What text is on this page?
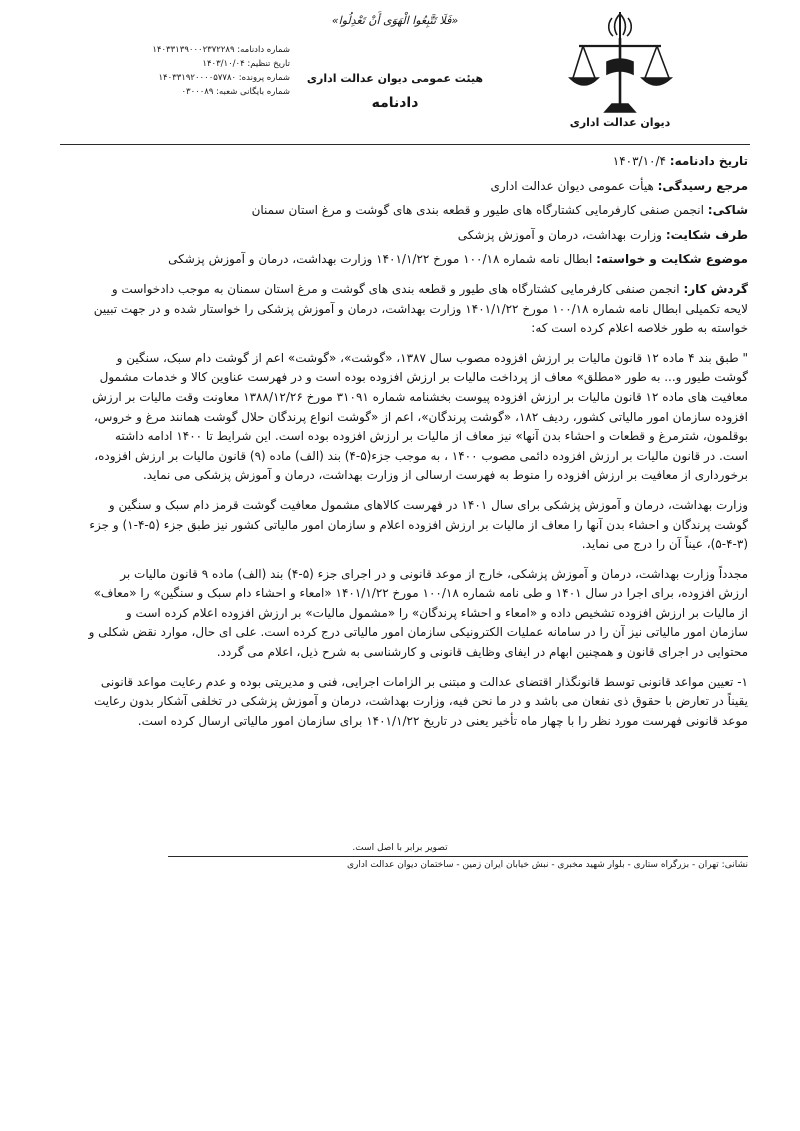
دیوان عدالت اداری
«فَلَا تَتَّبِعُوا الْهَوَى أَنْ تَعْدِلُوا»
هیئت عمومی دیوان عدالت اداری
دادنامه
شماره دادنامه: ۱۴۰۳۳۱۳۹۰۰۰۲۳۷۲۲۸۹
تاریخ تنظیم: ۱۴۰۳/۱۰/۰۴
شماره پرونده: ۱۴۰۳۳۱۹۲۰۰۰۰۵۷۷۸۰
شماره بایگانی شعبه: ۰۳۰۰۰۸۹

تاریخ دادنامه: ۱۴۰۳/۱۰/۴

مرجع رسیدگی: هیأت عمومی دیوان عدالت اداری

شاکی: انجمن صنفی کارفرمایی کشتارگاه های طیور و قطعه بندی های گوشت و مرغ استان سمنان

طرف شکایت: وزارت بهداشت، درمان و آموزش پزشکی

موضوع شکایت و خواسته: ابطال نامه شماره ۱۰۰/۱۸ مورخ ۱۴۰۱/۱/۲۲ وزارت بهداشت، درمان و آموزش پزشکی

گردش کار: انجمن صنفی کارفرمایی کشتارگاه های طیور و قطعه بندی های گوشت و مرغ استان سمنان به موجب دادخواست و لایحه تکمیلی ابطال نامه شماره ۱۰۰/۱۸ مورخ ۱۴۰۱/۱/۲۲ وزارت بهداشت، درمان و آموزش پزشکی را خواستار شده و در جهت تبیین خواسته به طور خلاصه اعلام کرده است که:

" طبق بند ۴ ماده ۱۲ قانون مالیات بر ارزش افزوده مصوب سال ۱۳۸۷، «گوشت»، «گوشت» اعم از گوشت دام سبک، سنگین و گوشت طیور و... به طور «مطلق» معاف از پرداخت مالیات بر ارزش افزوده بوده است و در فهرست عناوین کالا و خدمات مشمول معافیت های ماده ۱۲ قانون مالیات بر ارزش افزوده پیوست بخشنامه شماره ۳۱۰۹۱ مورخ ۱۳۸۸/۱۲/۲۶ معاونت وقت مالیات بر ارزش افزوده سازمان امور مالیاتی کشور، ردیف ۱۸۲، «گوشت پرندگان»، اعم از «گوشت انواع پرندگان حلال گوشت همانند مرغ و خروس، بوقلمون، شترمرغ و قطعات و احشاء بدن آنها» نیز معاف از مالیات بر ارزش افزوده بوده است. این شرایط تا ۱۴۰۰ ادامه داشته است. در قانون مالیات بر ارزش افزوده دائمی مصوب ۱۴۰۰ ، به موجب جزء(۵-۴) بند (الف) ماده (۹) قانون مالیات بر ارزش افزوده، برخورداری از معافیت بر ارزش افزوده را منوط به فهرست ارسالی از وزارت بهداشت، درمان و آموزش پزشکی می نماید.

وزارت بهداشت، درمان و آموزش پزشکی برای سال ۱۴۰۱ در فهرست کالاهای مشمول معافیت گوشت قرمز دام سبک و سنگین و گوشت پرندگان و احشاء بدن آنها را معاف از مالیات بر ارزش افزوده اعلام و سازمان امور مالیاتی کشور نیز طبق جزء (۵-۴-۱) و جزء (۳-۴-۵)، عیناً آن را درج می نماید.

مجدداً وزارت بهداشت، درمان و آموزش پزشکی، خارج از موعد قانونی و در اجرای جزء (۵-۴) بند (الف) ماده ۹ قانون مالیات بر ارزش افزوده، برای اجرا در سال ۱۴۰۱ و طی نامه شماره ۱۰۰/۱۸ مورخ ۱۴۰۱/۱/۲۲ «امعاء و احشاء دام سبک و سنگین» را «معاف» از مالیات بر ارزش افزوده تشخیص داده و «امعاء و احشاء پرندگان» را «مشمول مالیات» بر ارزش افزوده اعلام کرده است و سازمان امور مالیاتی نیز آن را در سامانه عملیات الکترونیکی سازمان امور مالیاتی درج کرده است. علی ای حال، موارد نقض شکلی و محتوایی در اجرای قانون و همچنین ابهام در ایفای وظایف قانونی و کارشناسی به شرح ذیل، اعلام می گردد.

۱- تعیین مواعد قانونی توسط قانونگذار اقتضای عدالت و مبتنی بر الزامات اجرایی، فنی و مدیریتی بوده و عدم رعایت مواعد قانونی یقیناً در تعارض با حقوق ذی نفعان می باشد و در ما نحن فیه، وزارت بهداشت، درمان و آموزش پزشکی در تخلفی آشکار بدون رعایت موعد قانونی فهرست مورد نظر را با چهار ماه تأخیر یعنی در تاریخ ۱۴۰۱/۱/۲۲ برای سازمان امور مالیاتی ارسال کرده است.

تصویر برابر با اصل است.
نشانی: تهران - بزرگراه ستاری - بلوار شهید مخبری - نبش خیابان ایران زمین - ساختمان دیوان عدالت اداری
